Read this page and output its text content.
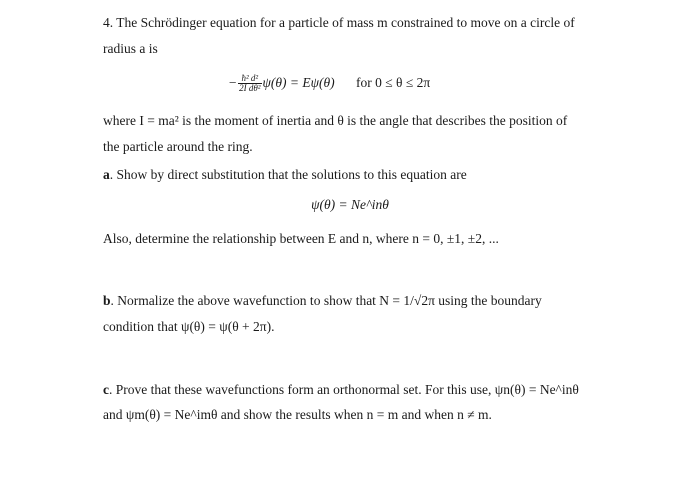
4. The Schrödinger equation for a particle of mass m constrained to move on a circle of
radius a is
− $\frac{\text{ħ² d²}}{\text{2I dθ²}} \psi(\theta) = E\psi(\theta)$ for 0 ≤ θ ≤ 2π
where I = ma² is the moment of inertia and θ is the angle that describes the position of
the particle around the ring.
a. Show by direct substitution that the solutions to this equation are
ψ(θ) = Ne^inθ
Also, determine the relationship between E and n, where n = 0, ±1, ±2, ...
b. Normalize the above wavefunction to show that N = 1/√2π using the boundary
condition that ψ(θ) = ψ(θ + 2π).
c. Prove that these wavefunctions form an orthonormal set. For this use, ψn(θ) = Ne^inθ
and ψm(θ) = Ne^imθ and show the results when n = m and when n ≠ m.
